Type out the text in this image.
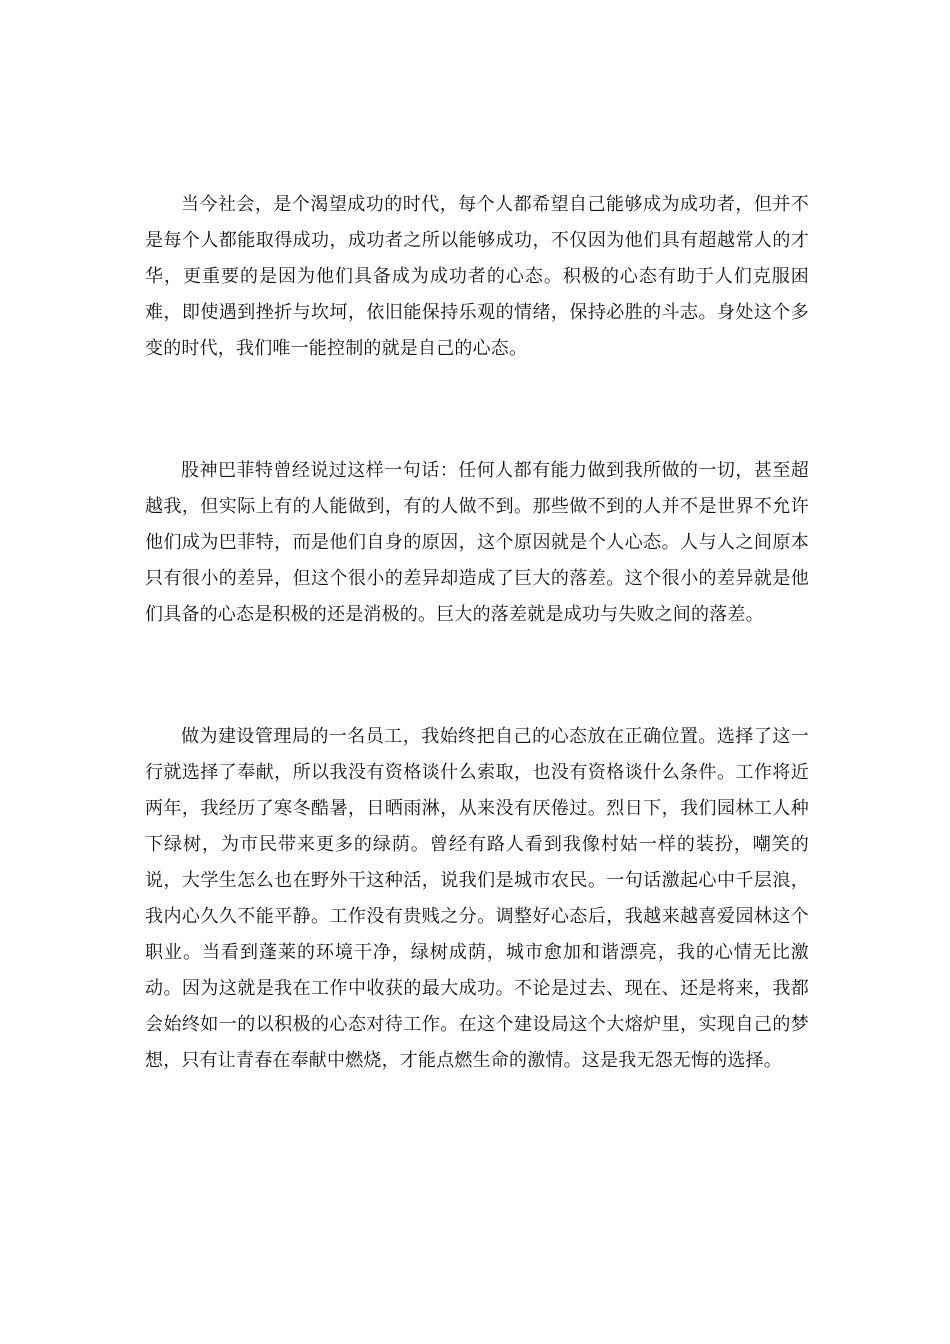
当今社会，是个渴望成功的时代，每个人都希望自己能够成为成功者，但并不是每个人都能取得成功，成功者之所以能够成功，不仅因为他们具有超越常人的才华，更重要的是因为他们具备成为成功者的心态。积极的心态有助于人们克服困难，即使遇到挫折与坎坷，依旧能保持乐观的情绪，保持必胜的斗志。身处这个多变的时代，我们唯一能控制的就是自己的心态。

股神巴菲特曾经说过这样一句话：任何人都有能力做到我所做的一切，甚至超越我，但实际上有的人能做到，有的人做不到。那些做不到的人并不是世界不允许他们成为巴菲特，而是他们自身的原因，这个原因就是个人心态。人与人之间原本只有很小的差异，但这个很小的差异却造成了巨大的落差。这个很小的差异就是他们具备的心态是积极的还是消极的。巨大的落差就是成功与失败之间的落差。

做为建设管理局的一名员工，我始终把自己的心态放在正确位置。选择了这一行就选择了奉献，所以我没有资格谈什么索取，也没有资格谈什么条件。工作将近两年，我经历了寒冬酷暑，日晒雨淋，从来没有厌倦过。烈日下，我们园林工人种下绿树，为市民带来更多的绿荫。曾经有路人看到我像村姑一样的装扮，嘲笑的说，大学生怎么也在野外干这种活，说我们是城市农民。一句话激起心中千层浪，我内心久久不能平静。工作没有贵贱之分。调整好心态后，我越来越喜爱园林这个职业。当看到蓬莱的环境干净，绿树成荫，城市愈加和谐漂亮，我的心情无比激动。因为这就是我在工作中收获的最大成功。不论是过去、现在、还是将来，我都会始终如一的以积极的心态对待工作。在这个建设局这个大熔炉里，实现自己的梦想，只有让青春在奉献中燃烧，才能点燃生命的激情。这是我无怨无悔的选择。
